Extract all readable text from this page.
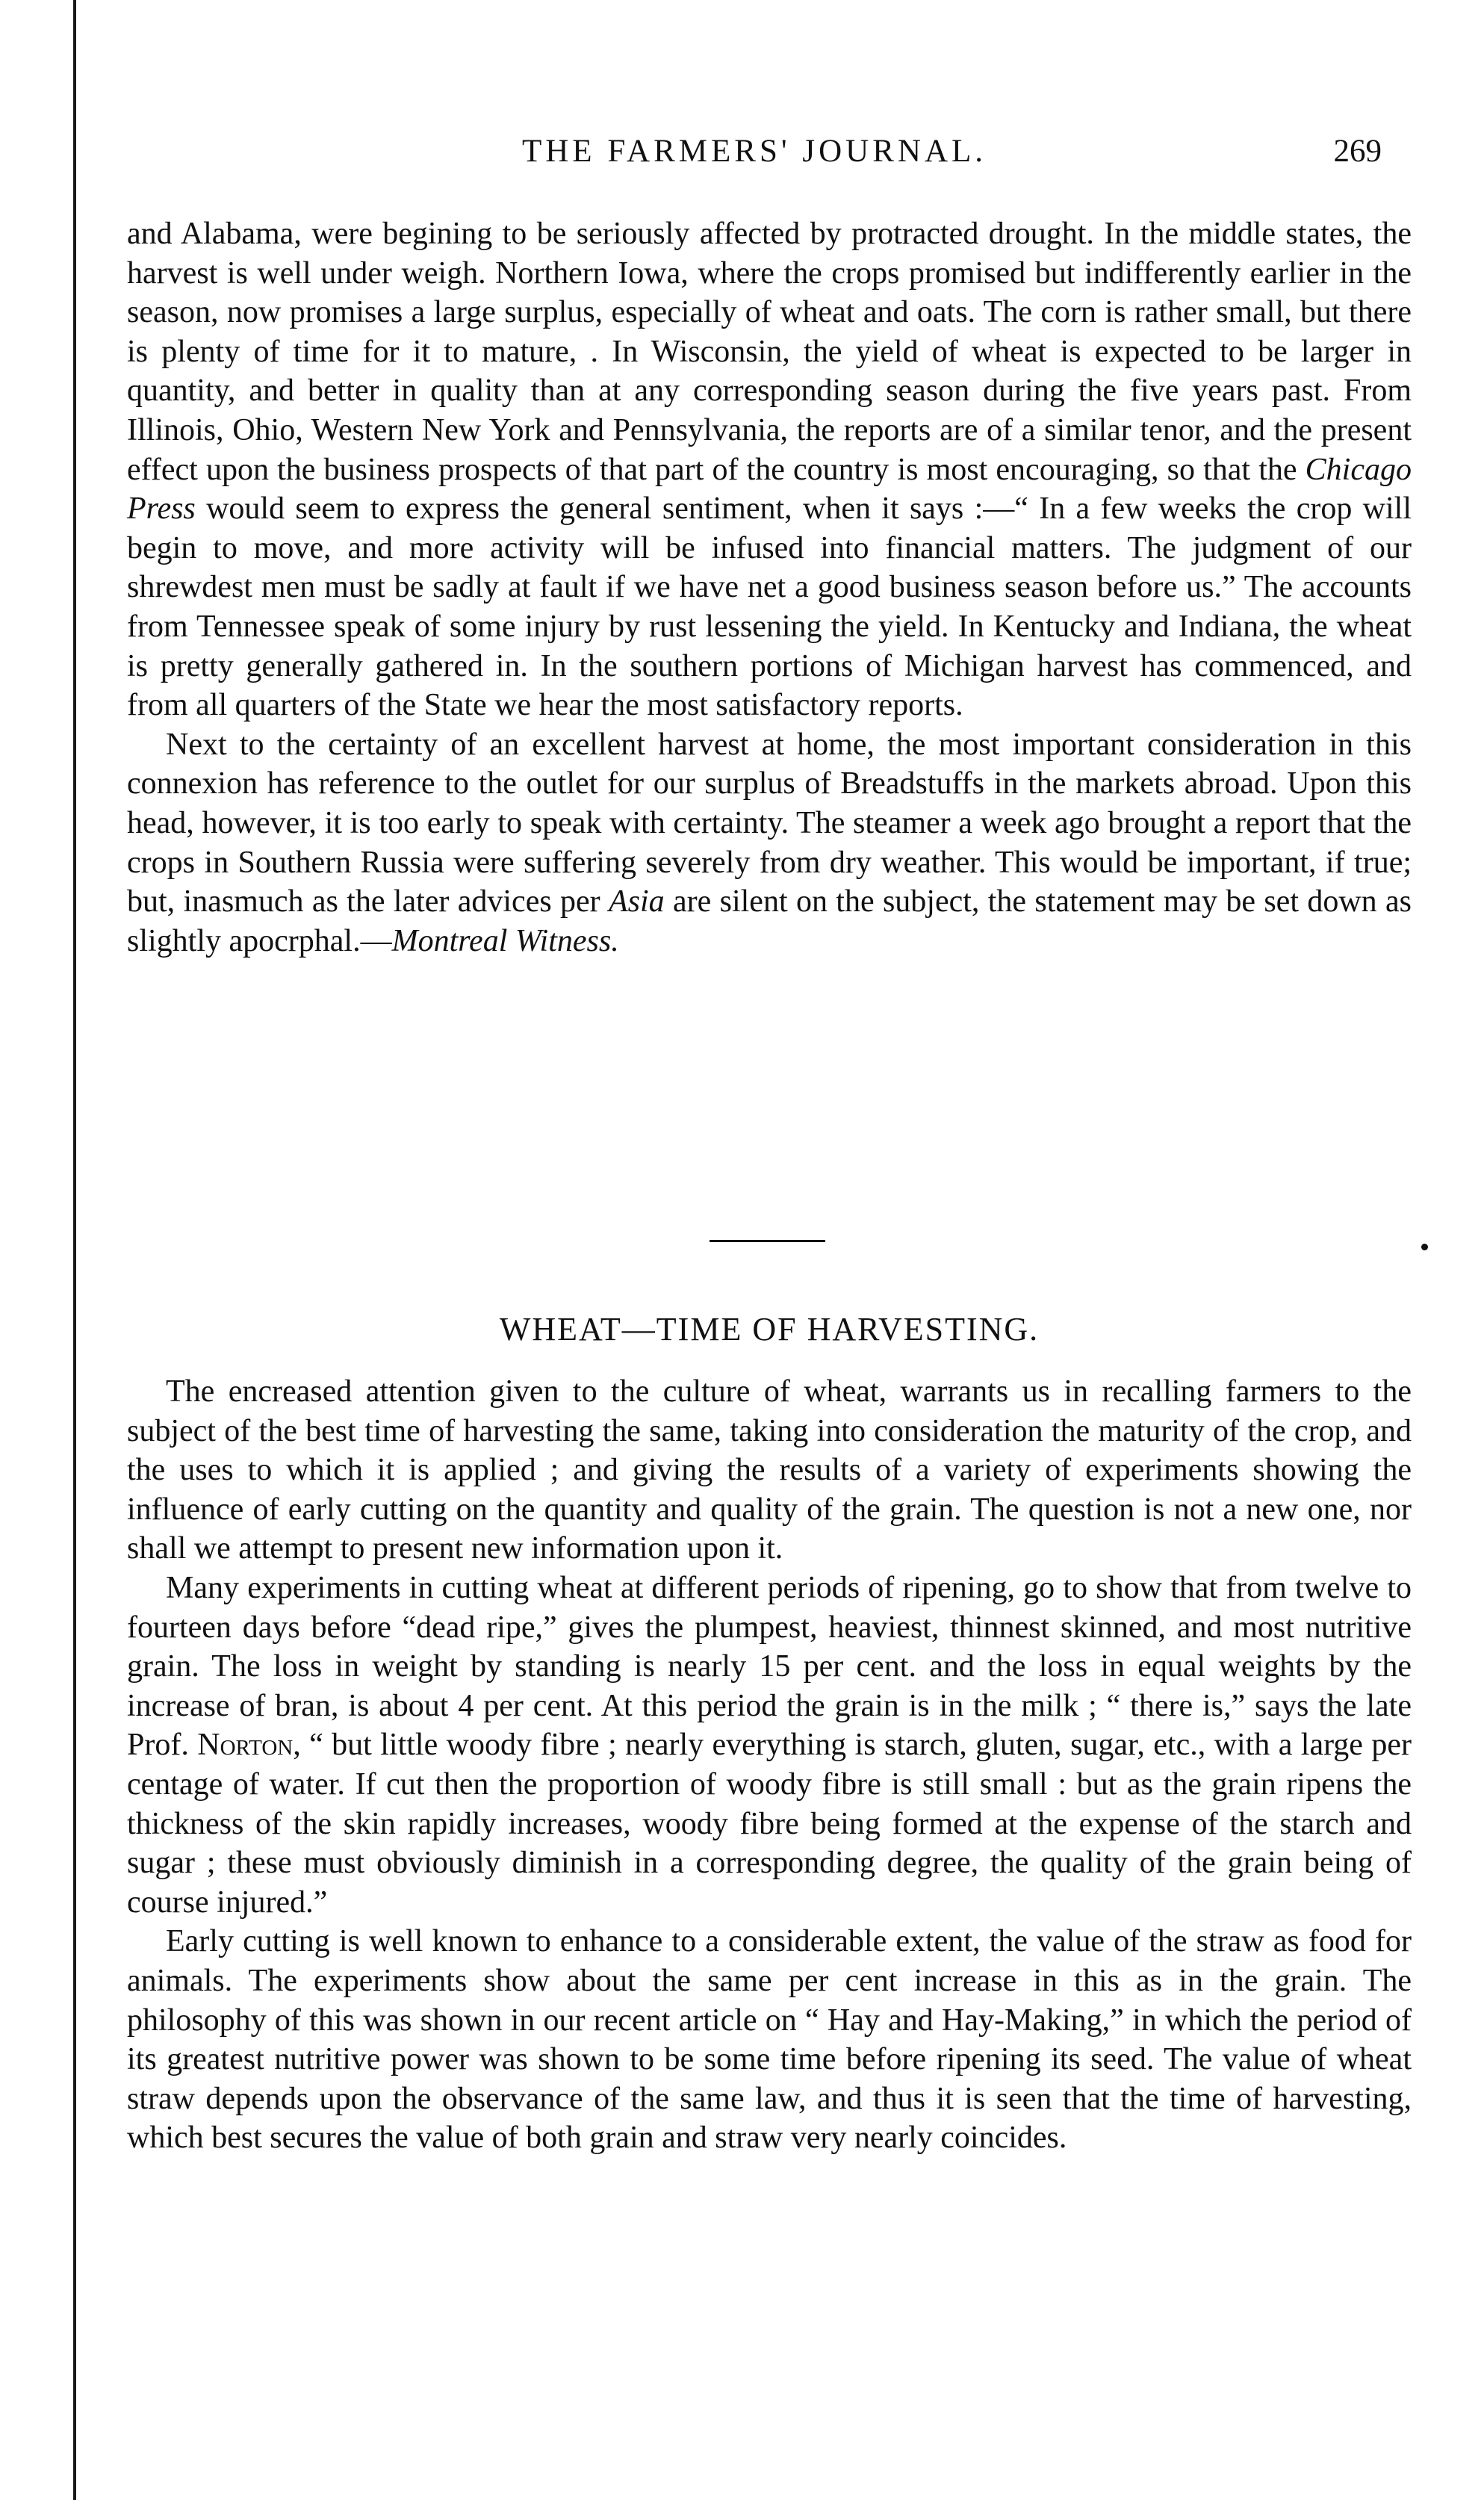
THE FARMERS' JOURNAL.	269

and Alabama, were begining to be seriously affected by protracted drought. In the middle states, the harvest is well under weigh. Northern Iowa, where the crops promised but indifferently earlier in the season, now promises a large surplus, especially of wheat and oats. The corn is rather small, but there is plenty of time for it to mature, . In Wisconsin, the yield of wheat is expected to be larger in quantity, and better in quality than at any corresponding season during the five years past. From Illinois, Ohio, Western New York and Pennsylvania, the reports are of a similar tenor, and the present effect upon the business prospects of that part of the country is most encouraging, so that the Chicago Press would seem to express the general sentiment, when it says :—“ In a few weeks the crop will begin to move, and more activity will be infused into financial matters. The judgment of our shrewdest men must be sadly at fault if we have net a good business season before us.” The accounts from Tennessee speak of some injury by rust lessening the yield. In Kentucky and Indiana, the wheat is pretty generally gathered in. In the southern portions of Michigan harvest has commenced, and from all quarters of the State we hear the most satisfactory reports.

Next to the certainty of an excellent harvest at home, the most important consideration in this connexion has reference to the outlet for our surplus of Breadstuffs in the markets abroad. Upon this head, however, it is too early to speak with certainty. The steamer a week ago brought a report that the crops in Southern Russia were suffering severely from dry weather. This would be important, if true; but, inasmuch as the later advices per Asia are silent on the subject, the statement may be set down as slightly apocrphal.—Montreal Witness.

WHEAT—TIME OF HARVESTING.

The encreased attention given to the culture of wheat, warrants us in recalling farmers to the subject of the best time of harvesting the same, taking into consideration the maturity of the crop, and the uses to which it is applied ; and giving the results of a variety of experiments showing the influence of early cutting on the quantity and quality of the grain. The question is not a new one, nor shall we attempt to present new information upon it.

Many experiments in cutting wheat at different periods of ripening, go to show that from twelve to fourteen days before “dead ripe,” gives the plumpest, heaviest, thinnest skinned, and most nutritive grain. The loss in weight by standing is nearly 15 per cent. and the loss in equal weights by the increase of bran, is about 4 per cent. At this period the grain is in the milk ; “ there is,” says the late Prof. Norton, “ but little woody fibre ; nearly everything is starch, gluten, sugar, etc., with a large per centage of water. If cut then the proportion of woody fibre is still small : but as the grain ripens the thickness of the skin rapidly increases, woody fibre being formed at the expense of the starch and sugar ; these must obviously diminish in a corresponding degree, the quality of the grain being of course injured.”

Early cutting is well known to enhance to a considerable extent, the value of the straw as food for animals. The experiments show about the same per cent increase in this as in the grain. The philosophy of this was shown in our recent article on “ Hay and Hay-Making,” in which the period of its greatest nutritive power was shown to be some time before ripening its seed. The value of wheat straw depends upon the observance of the same law, and thus it is seen that the time of harvesting, which best secures the value of both grain and straw very nearly coincides.
